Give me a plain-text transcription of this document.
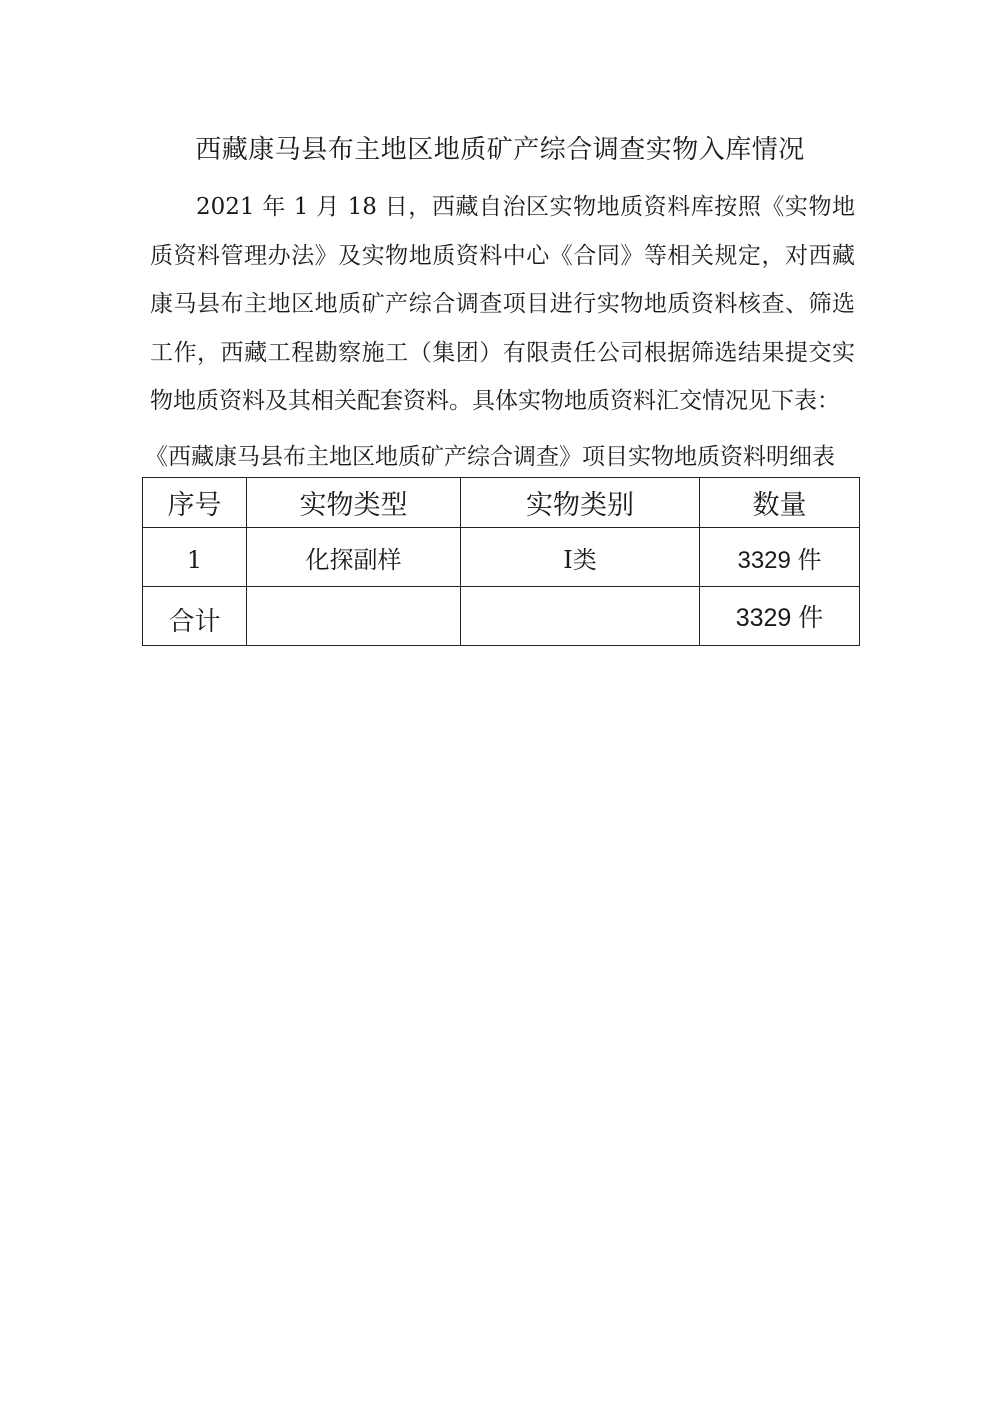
西藏康马县布主地区地质矿产综合调查实物入库情况

2021 年 1 月 18 日，西藏自治区实物地质资料库按照《实物地质资料管理办法》及实物地质资料中心《合同》等相关规定，对西藏康马县布主地区地质矿产综合调查项目进行实物地质资料核查、筛选工作，西藏工程勘察施工（集团）有限责任公司根据筛选结果提交实物地质资料及其相关配套资料。具体实物地质资料汇交情况见下表：

《西藏康马县布主地区地质矿产综合调查》项目实物地质资料明细表
序号	实物类型	实物类别	数量
1	化探副样	Ⅰ类	3329 件
合计			3329 件
